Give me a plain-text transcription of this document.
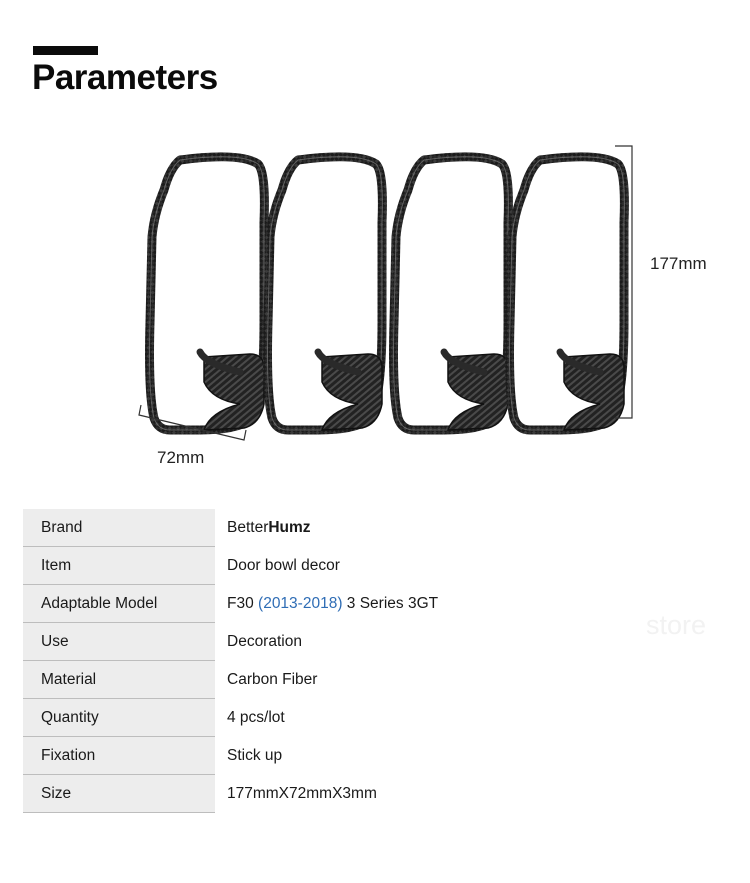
Parameters
177mm
72mm
store
Brand	BetterHumz
Item	Door bowl decor
Adaptable Model	F30 (2013-2018) 3 Series 3GT
Use	Decoration
Material	Carbon Fiber
Quantity	4 pcs/lot
Fixation	Stick up
Size	177mmX72mmX3mm
